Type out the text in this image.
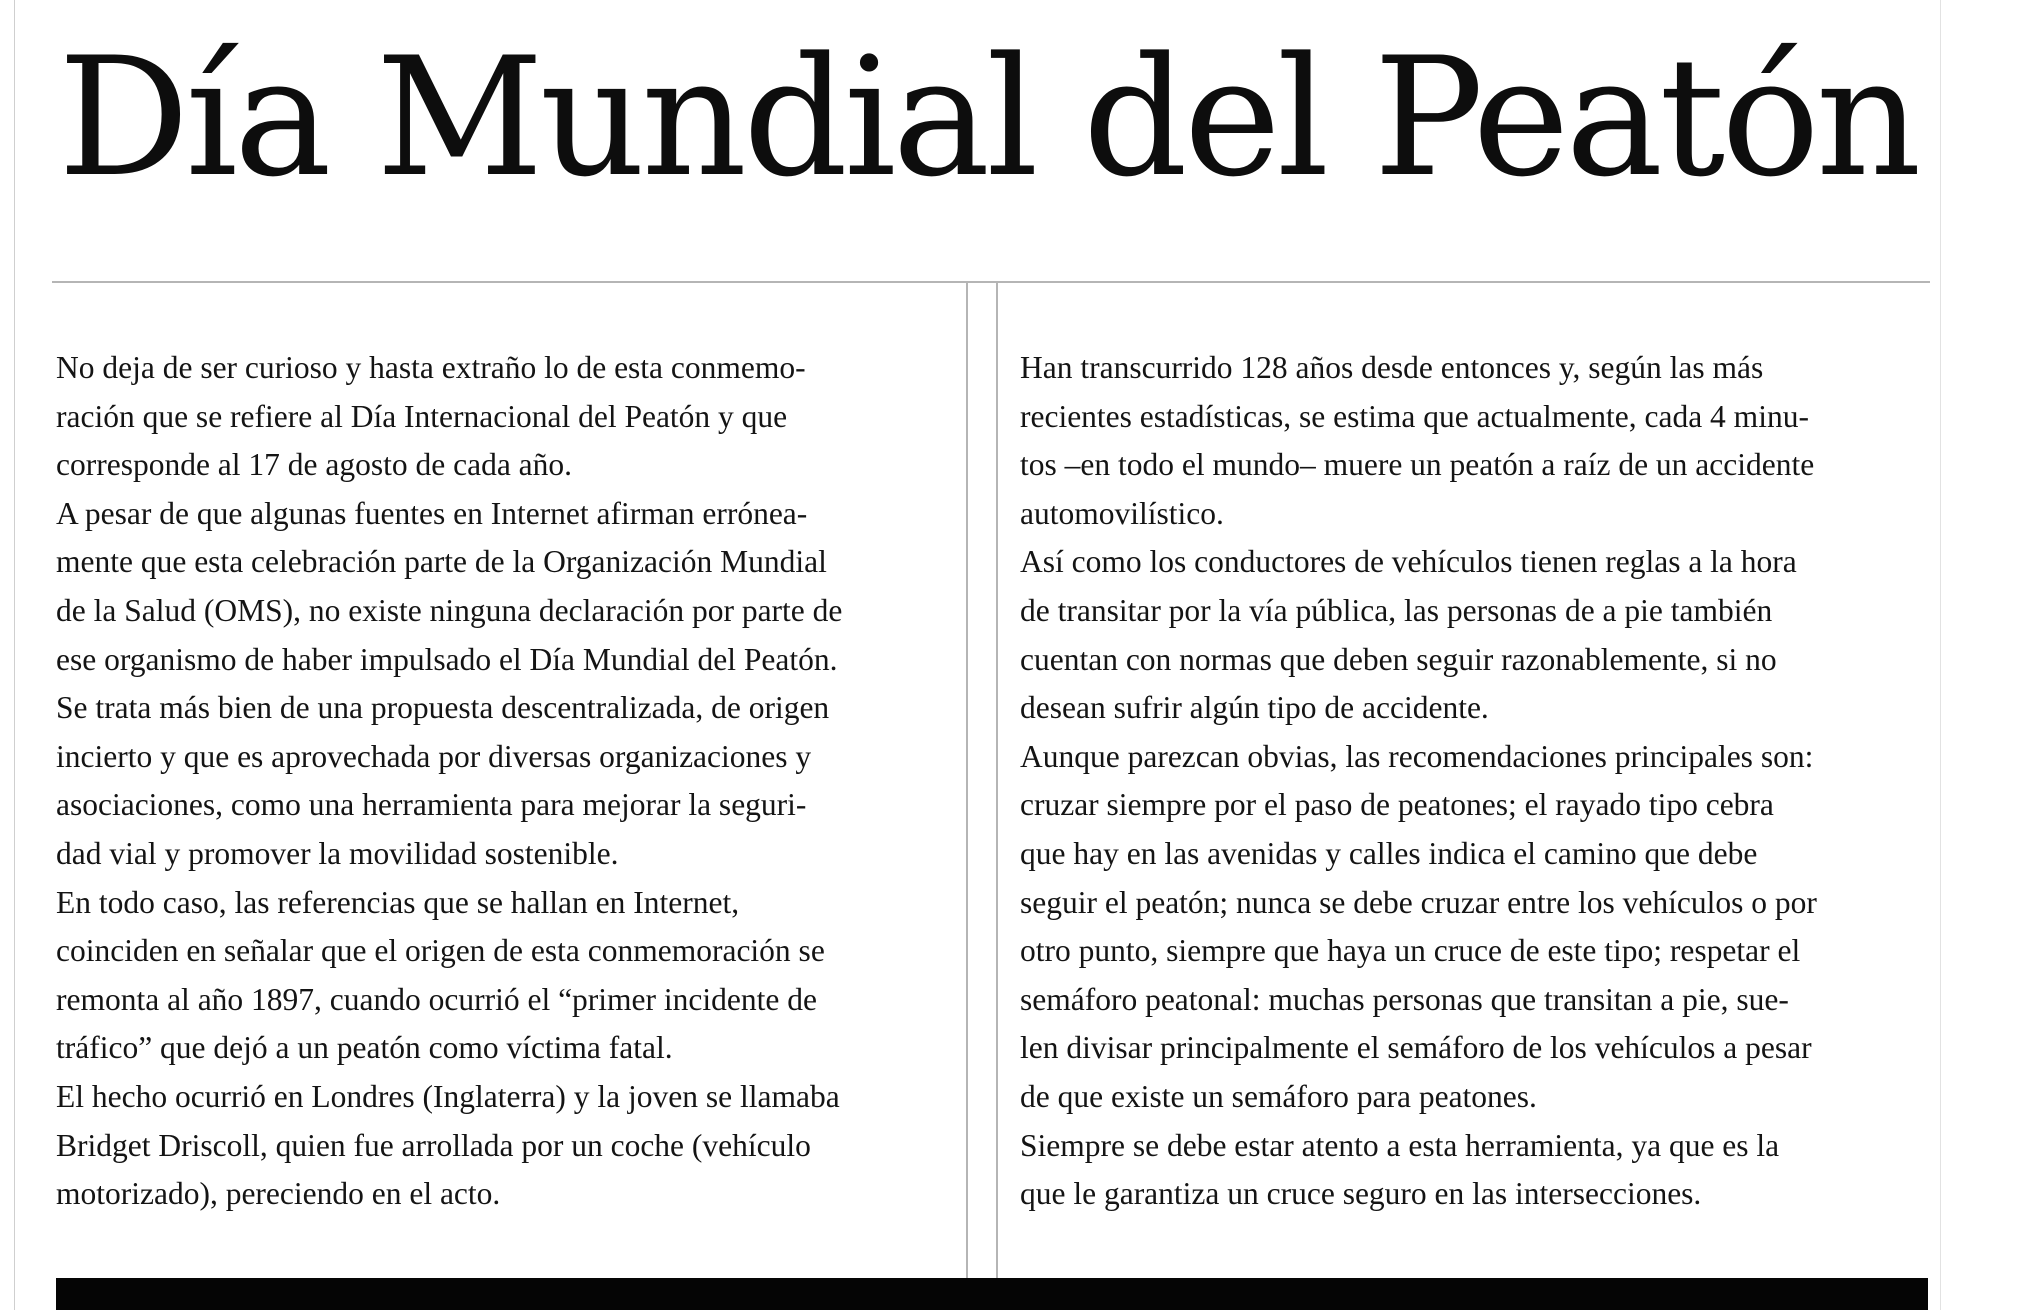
Día Mundial del Peatón
No deja de ser curioso y hasta extraño lo de esta conmemo-
ración que se refiere al Día Internacional del Peatón y que
corresponde al 17 de agosto de cada año.
A pesar de que algunas fuentes en Internet afirman erróneа-
mente que esta celebración parte de la Organización Mundial
de la Salud (OMS), no existe ninguna declaración por parte de
ese organismo de haber impulsado el Día Mundial del Peatón.
Se trata más bien de una propuesta descentralizada, de origen
incierto y que es aprovechada por diversas organizaciones y
asociaciones, como una herramienta para mejorar la seguri-
dad vial y promover la movilidad sostenible.
En todo caso, las referencias que se hallan en Internet,
coinciden en señalar que el origen de esta conmemoración se
remonta al año 1897, cuando ocurrió el “primer incidente de
tráfico” que dejó a un peatón como víctima fatal.
El hecho ocurrió en Londres (Inglaterra) y la joven se llamaba
Bridget Driscoll, quien fue arrollada por un coche (vehículo
motorizado), pereciendo en el acto.
Han transcurrido 128 años desde entonces y, según las más
recientes estadísticas, se estima que actualmente, cada 4 minu-
tos –en todo el mundo– muere un peatón a raíz de un accidente
automovilístico.
Así como los conductores de vehículos tienen reglas a la hora
de transitar por la vía pública, las personas de a pie también
cuentan con normas que deben seguir razonablemente, si no
desean sufrir algún tipo de accidente.
Aunque parezcan obvias, las recomendaciones principales son:
cruzar siempre por el paso de peatones; el rayado tipo cebra
que hay en las avenidas y calles indica el camino que debe
seguir el peatón; nunca se debe cruzar entre los vehículos o por
otro punto, siempre que haya un cruce de este tipo; respetar el
semáforo peatonal: muchas personas que transitan a pie, sue-
len divisar principalmente el semáforo de los vehículos a pesar
de que existe un semáforo para peatones.
Siempre se debe estar atento a esta herramienta, ya que es la
que le garantiza un cruce seguro en las intersecciones.
